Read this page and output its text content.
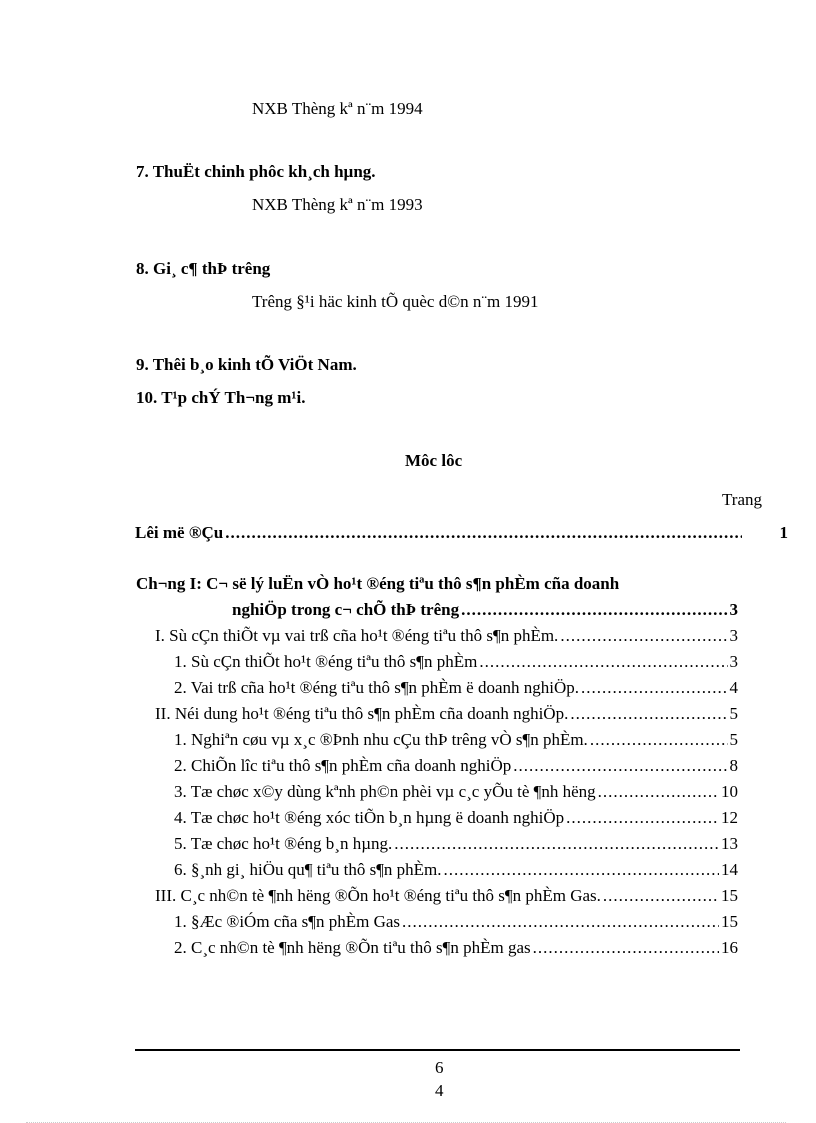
NXB Thèng kª n¨m 1994
7. ThuËt chinh phôc kh¸ch hµng.
NXB Thèng kª n¨m 1993
8. Gi¸ c¶ thÞ trêng
Trêng §¹i häc kinh tÕ quèc d©n n¨m 1991
9. Thêi b¸o kinh tÕ ViÖt Nam.
10. T¹p chÝ Th¬ng m¹i.
Môc lôc
Trang
Lêi më ®Çu .....	1
Ch¬ng I: C¬ së lý luËn vÒ ho¹t ®éng tiªu thô s¶n phÈm cña doanh
nghiÖp trong c¬ chÕ thÞ trêng .....	3
I. Sù cÇn thiÕt vµ vai trß cña ho¹t ®éng tiªu thô s¶n phÈm. .....	3
1. Sù cÇn thiÕt ho¹t ®éng tiªu thô s¶n phÈm .....	3
2. Vai trß cña ho¹t ®éng tiªu thô s¶n phÈm ë doanh nghiÖp. .....	4
II. Néi dung ho¹t ®éng tiªu thô s¶n phÈm cña doanh nghiÖp. .....	5
1. Nghiªn cøu vµ x¸c ®Þnh nhu cÇu thÞ trêng vÒ s¶n phÈm. .....	5
2. ChiÕn lîc tiªu thô s¶n phÈm cña doanh nghiÖp .....	8
3. Tæ chøc x©y dùng kªnh ph©n phèi vµ c¸c yÕu tè ¶nh hëng .....	10
4. Tæ chøc ho¹t ®éng xóc tiÕn b¸n hµng ë doanh nghiÖp .....	12
5. Tæ chøc ho¹t ®éng b¸n hµng. .....	13
6. §¸nh gi¸ hiÖu qu¶ tiªu thô s¶n phÈm. .....	14
III. C¸c nh©n tè ¶nh hëng ®Õn ho¹t ®éng tiªu thô s¶n phÈm Gas. .....	15
1. §Æc ®iÓm cña s¶n phÈm Gas .....	15
2. C¸c nh©n tè ¶nh hëng ®Õn tiªu thô s¶n phÈm gas .....	16
6
4
